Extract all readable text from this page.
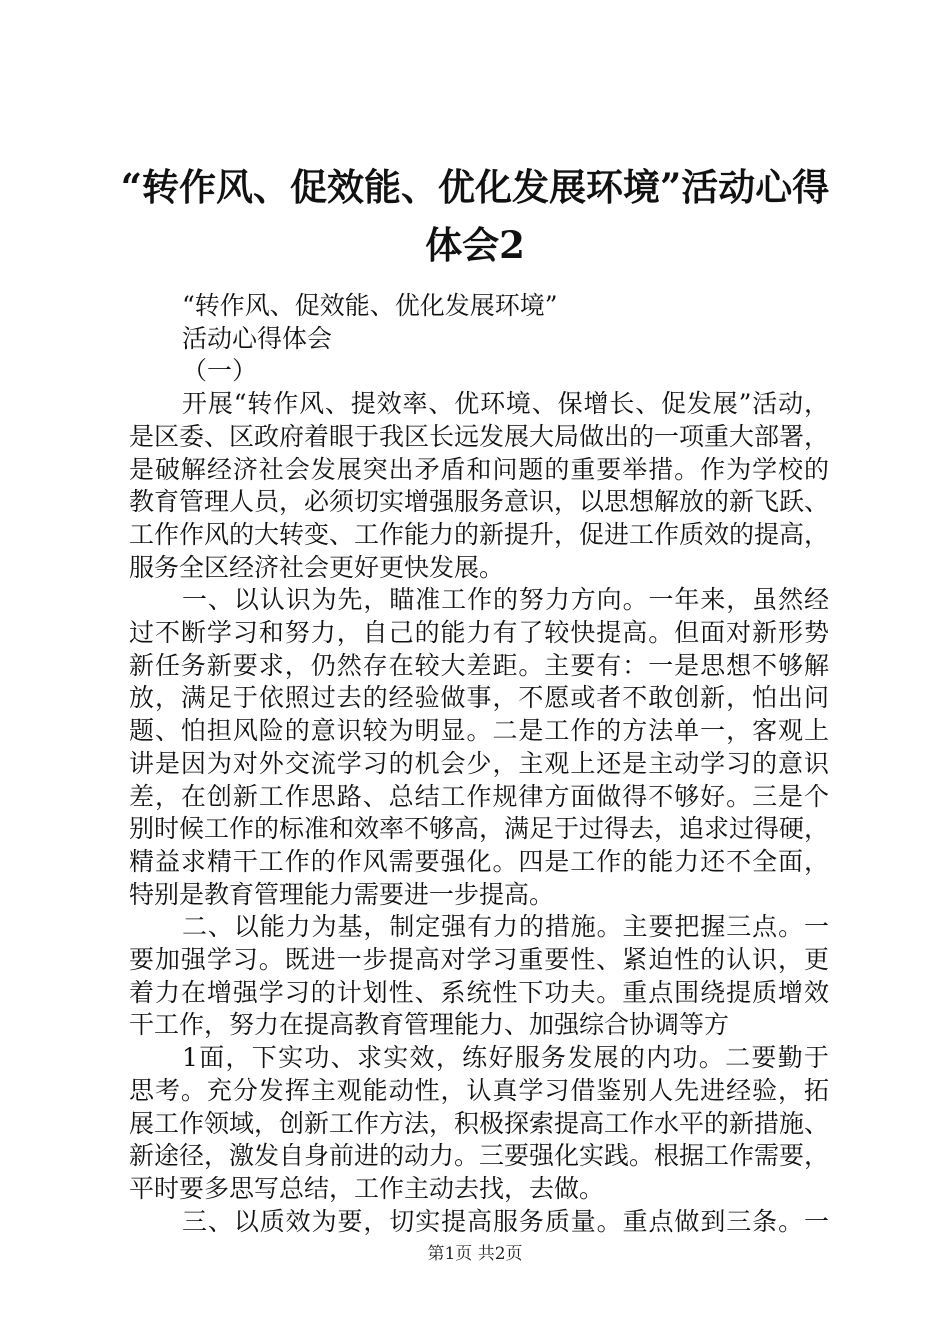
“转作风、促效能、优化发展环境”活动心得
体会2
“转作风、促效能、优化发展环境”
活动心得体会
（一）
开展“转作风、提效率、优环境、保增长、促发展”活动，
是区委、区政府着眼于我区长远发展大局做出的一项重大部署，
是破解经济社会发展突出矛盾和问题的重要举措。作为学校的
教育管理人员，必须切实增强服务意识，以思想解放的新飞跃、
工作作风的大转变、工作能力的新提升，促进工作质效的提高，
服务全区经济社会更好更快发展。
一、以认识为先，瞄准工作的努力方向。一年来，虽然经
过不断学习和努力，自己的能力有了较快提高。但面对新形势
新任务新要求，仍然存在较大差距。主要有：一是思想不够解
放，满足于依照过去的经验做事，不愿或者不敢创新，怕出问
题、怕担风险的意识较为明显。二是工作的方法单一，客观上
讲是因为对外交流学习的机会少，主观上还是主动学习的意识
差，在创新工作思路、总结工作规律方面做得不够好。三是个
别时候工作的标准和效率不够高，满足于过得去，追求过得硬，
精益求精干工作的作风需要强化。四是工作的能力还不全面，
特别是教育管理能力需要进一步提高。
二、以能力为基，制定强有力的措施。主要把握三点。一
要加强学习。既进一步提高对学习重要性、紧迫性的认识，更
着力在增强学习的计划性、系统性下功夫。重点围绕提质增效
干工作，努力在提高教育管理能力、加强综合协调等方
1面，下实功、求实效，练好服务发展的内功。二要勤于
思考。充分发挥主观能动性，认真学习借鉴别人先进经验，拓
展工作领域，创新工作方法，积极探索提高工作水平的新措施、
新途径，激发自身前进的动力。三要强化实践。根据工作需要，
平时要多思写总结，工作主动去找，去做。
三、以质效为要，切实提高服务质量。重点做到三条。一
第1页 共2页
